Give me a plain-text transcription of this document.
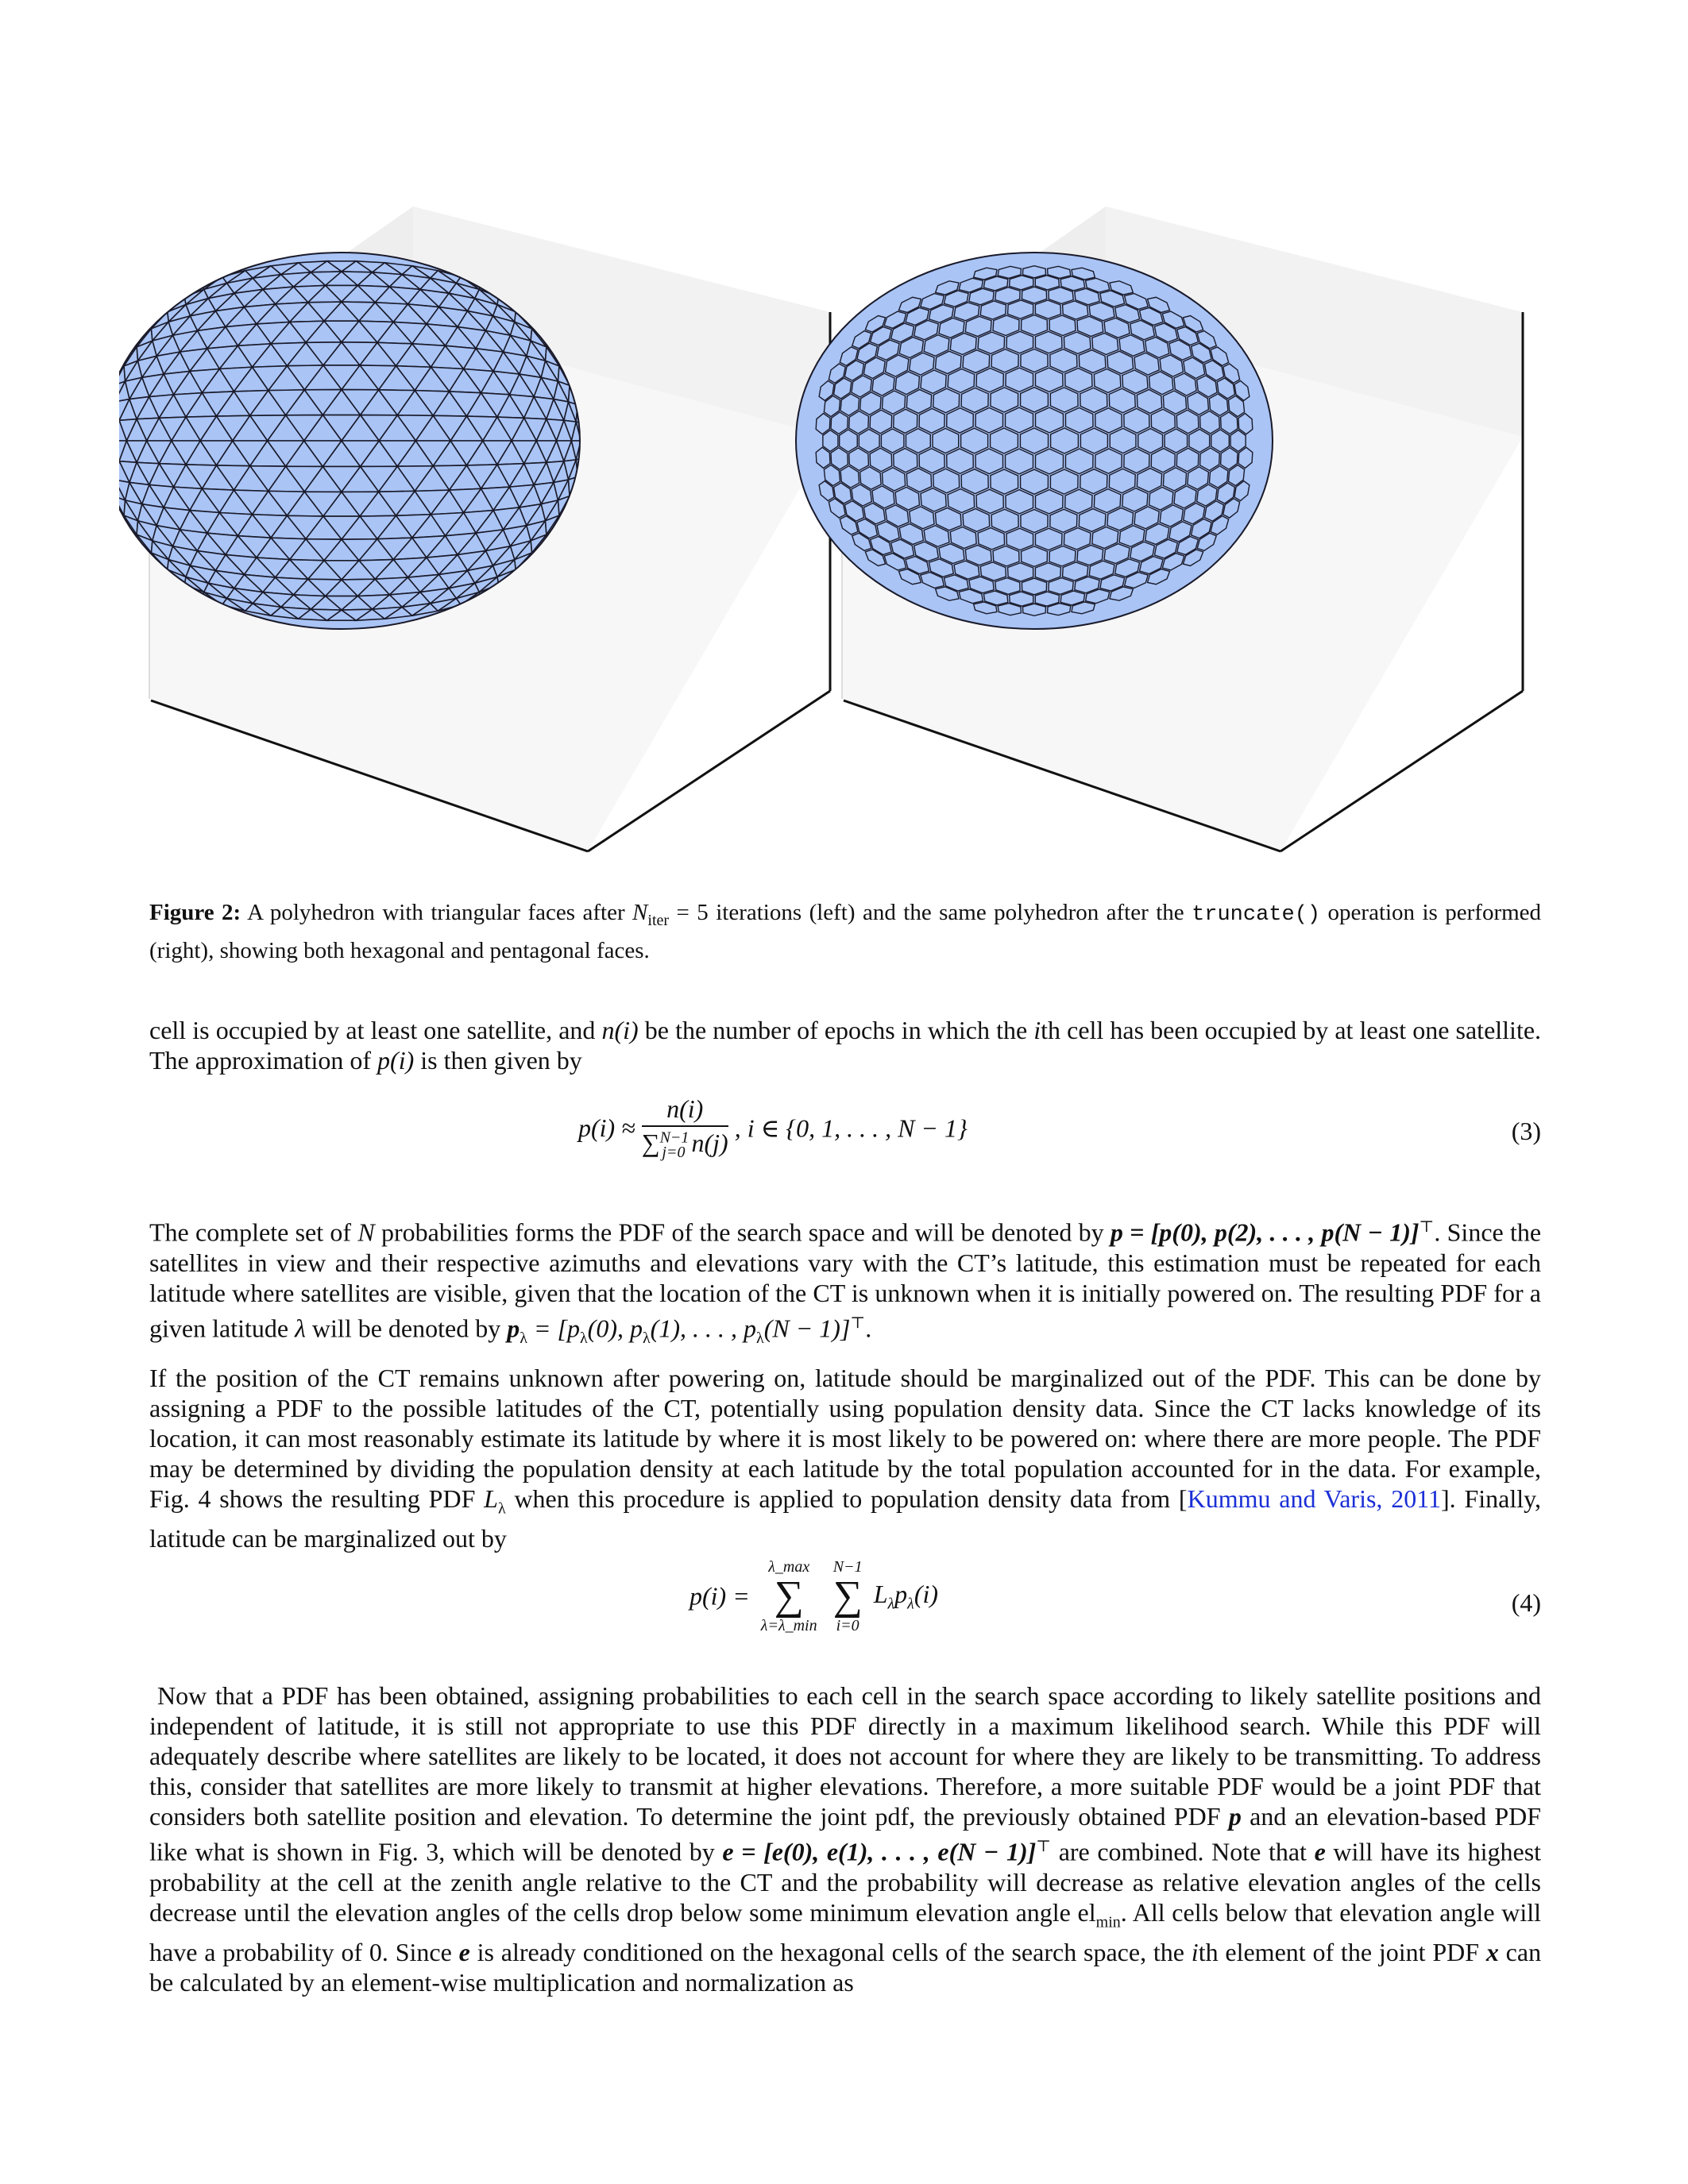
Figure 2: A polyhedron with triangular faces after $N_{iter} = 5$ iterations (left) and the same polyhedron after the truncate() operation is performed (right), showing both hexagonal and pentagonal faces.
cell is occupied by at least one satellite, and n(i) be the number of epochs in which the ith cell has been occupied by at least one satellite. The approximation of p(i) is then given by
$p(i) \approx \frac{n(i)}{\sum^{N-1}_{j=0} n(j)}$ , i ∈ {0, 1, . . . , N − 1}	(3)
The complete set of N probabilities forms the PDF of the search space and will be denoted by p = [p(0), p(2), . . . , p(N − 1)]⊤. Since the satellites in view and their respective azimuths and elevations vary with the CT’s latitude, this estimation must be repeated for each latitude where satellites are visible, given that the location of the CT is unknown when it is initially powered on. The resulting PDF for a given latitude λ will be denoted by $p_\lambda = [p_\lambda(0)$, $p_\lambda(1)$, . . . , $p_\lambda(N - 1)]^⊤$.
If the position of the CT remains unknown after powering on, latitude should be marginalized out of the PDF. This can be done by assigning a PDF to the possible latitudes of the CT, potentially using population density data. Since the CT lacks knowledge of its location, it can most reasonably estimate its latitude by where it is most likely to be powered on: where there are more people. The PDF may be determined by dividing the population density at each latitude by the total population accounted for in the data. For example, Fig. 4 shows the resulting PDF $L_\lambda$ when this procedure is applied to population density data from [Kummu and Varis, 2011]. Finally, latitude can be marginalized out by
p(i) =
λ_max
∑
λ=λ_min

N−1
∑
i=0
$L_\lambda p_\lambda(i)$	(4)
Now that a PDF has been obtained, assigning probabilities to each cell in the search space according to likely satellite positions and independent of latitude, it is still not appropriate to use this PDF directly in a maximum likelihood search. While this PDF will adequately describe where satellites are likely to be located, it does not account for where they are likely to be transmitting. To address this, consider that satellites are more likely to transmit at higher elevations. Therefore, a more suitable PDF would be a joint PDF that considers both satellite position and elevation. To determine the joint pdf, the previously obtained PDF p and an elevation-based PDF like what is shown in Fig. 3, which will be denoted by e = [e(0), e(1), . . . , e(N − 1)]⊤ are combined. Note that e will have its highest probability at the cell at the zenith angle relative to the CT and the probability will decrease as relative elevation angles of the cells decrease until the elevation angles of the cells drop below some minimum elevation angle $el_{min}$. All cells below that elevation angle will have a probability of 0. Since e is already conditioned on the hexagonal cells of the search space, the ith element of the joint PDF x can be calculated by an element-wise multiplication and normalization as
